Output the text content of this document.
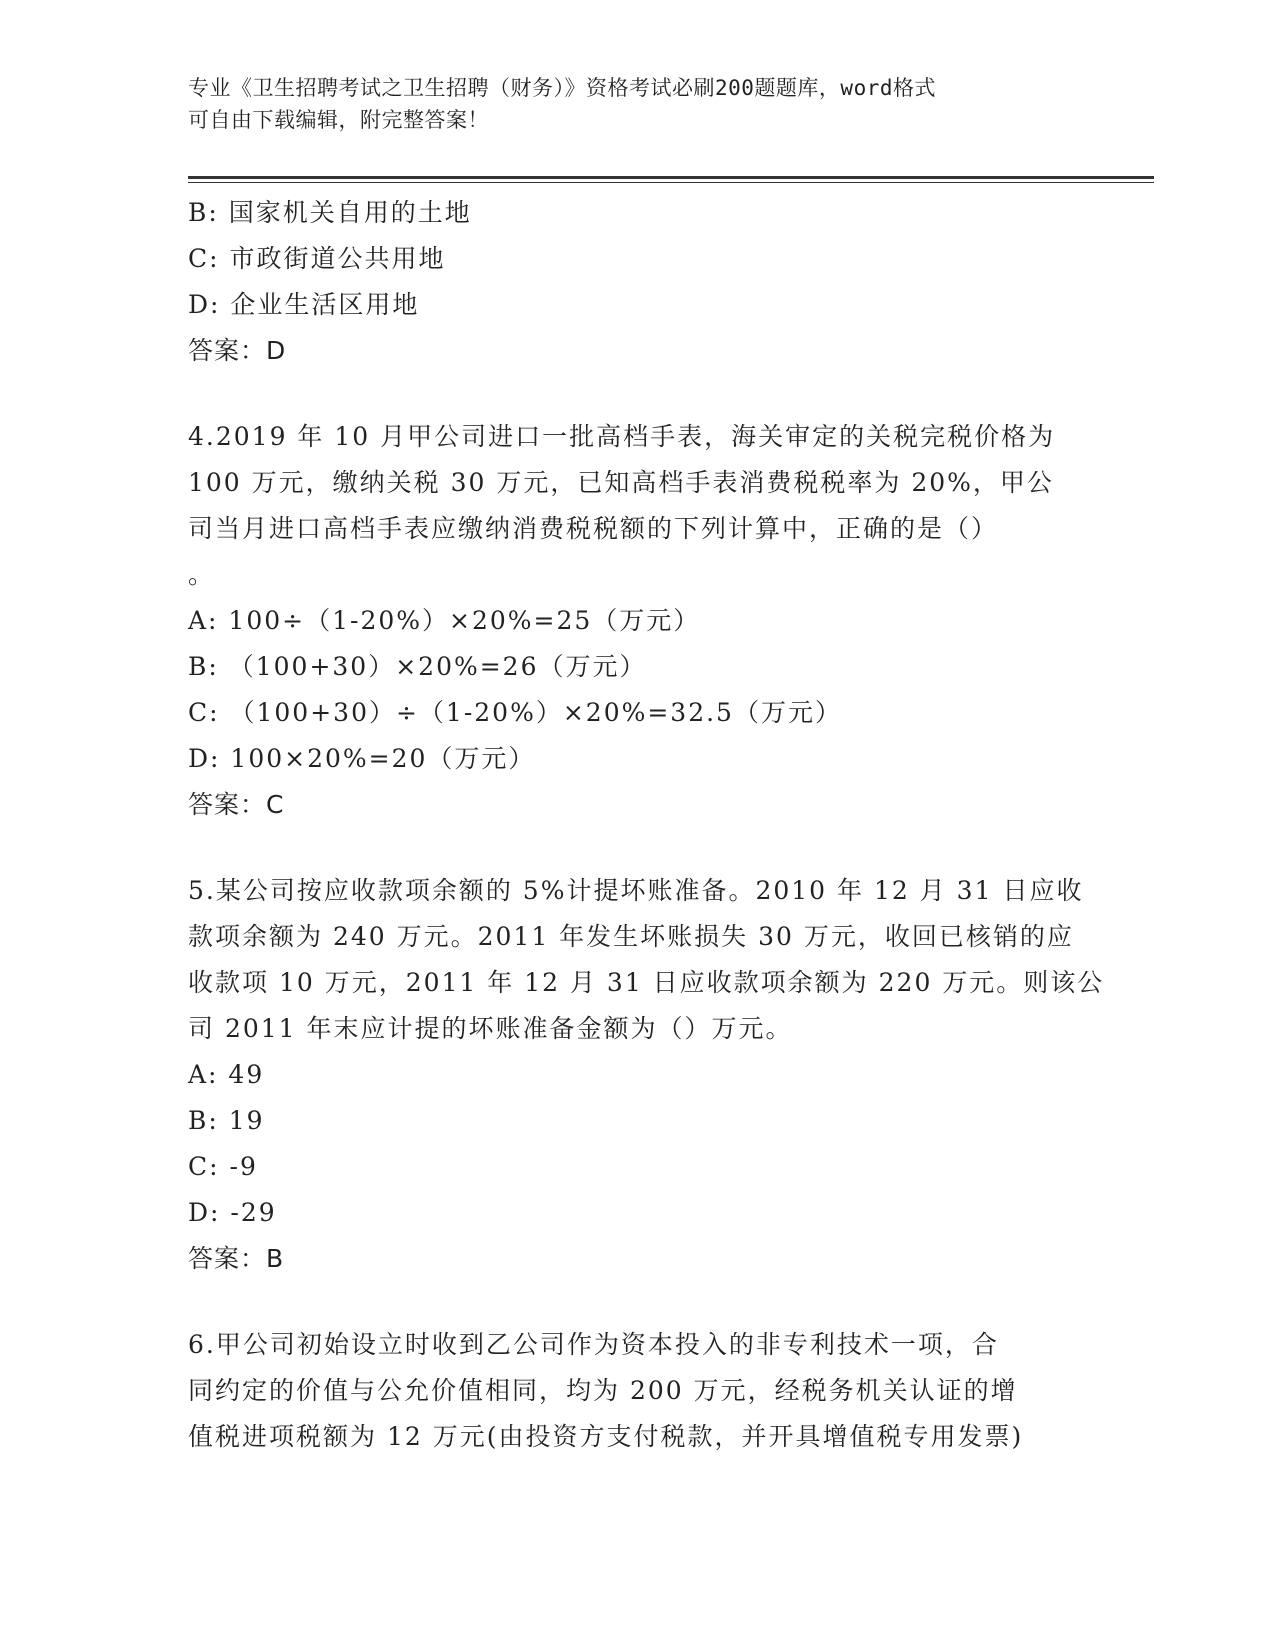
专业《卫生招聘考试之卫生招聘（财务）》资格考试必刷200题题库，word格式
可自由下载编辑，附完整答案！
B: 国家机关自用的土地
C: 市政街道公共用地
D: 企业生活区用地
答案：D
4.2019 年 10 月甲公司进口一批高档手表，海关审定的关税完税价格为
100 万元，缴纳关税 30 万元，已知高档手表消费税税率为 20%，甲公
司当月进口高档手表应缴纳消费税税额的下列计算中，正确的是（）
。
A: 100÷（1-20%）×20%=25（万元）
B: （100+30）×20%=26（万元）
C: （100+30）÷（1-20%）×20%=32.5（万元）
D: 100×20%=20（万元）
答案：C
5.某公司按应收款项余额的 5%计提坏账准备。2010 年 12 月 31 日应收
款项余额为 240 万元。2011 年发生坏账损失 30 万元，收回已核销的应
收款项 10 万元，2011 年 12 月 31 日应收款项余额为 220 万元。则该公
司 2011 年末应计提的坏账准备金额为（）万元。
A: 49
B: 19
C: -9
D: -29
答案：B
6.甲公司初始设立时收到乙公司作为资本投入的非专利技术一项，合
同约定的价值与公允价值相同，均为 200 万元，经税务机关认证的增
值税进项税额为 12 万元(由投资方支付税款，并开具增值税专用发票)
